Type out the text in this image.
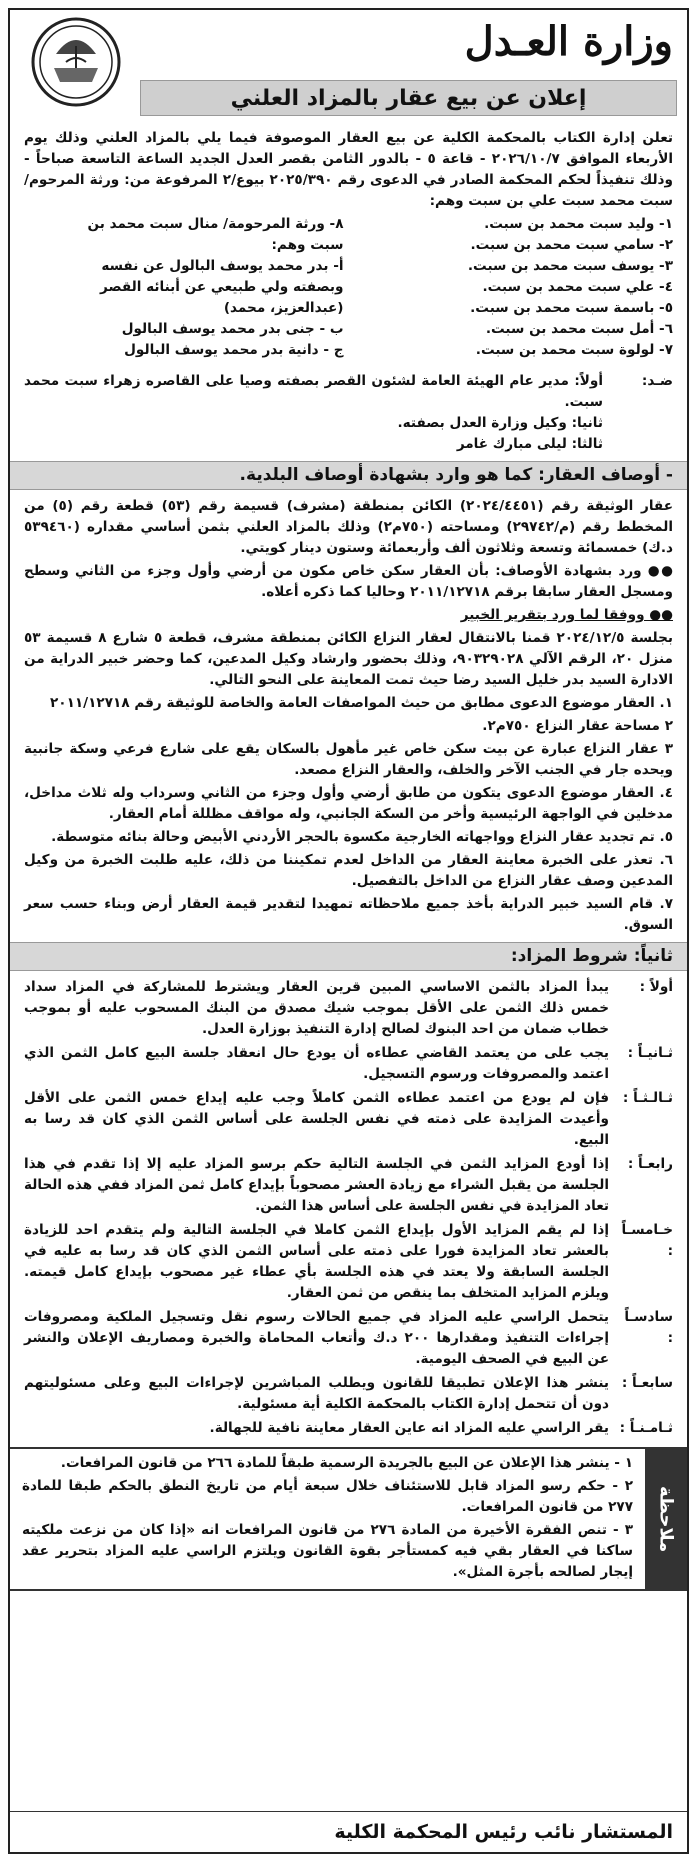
وزارة العـدل
إعلان عن بيع عقار بالمزاد العلني

تعلن إدارة الكتاب بالمحكمة الكلية عن بيع العقار الموصوفة فيما يلي بالمزاد العلني وذلك يوم الأربعاء الموافق ٢٠٢٦/١٠/٧ - قاعة ٥ - بالدور الثامن بقصر العدل الجديد الساعة التاسعة صباحاً - وذلك تنفيذاً لحكم المحكمة الصادر في الدعوى رقم ٢٠٢٥/٣٩٠ بيوع/٢ المرفوعة من: ورثة المرحوم/ سبت محمد سبت علي بن سبت وهم:

١- وليد سبت محمد بن سبت.
٢- سامي سبت محمد بن سبت.
٣- يوسف سبت محمد بن سبت.
٤- علي سبت محمد بن سبت.
٥- باسمة سبت محمد بن سبت.
٦- أمل سبت محمد بن سبت.
٧- لولوة سبت محمد بن سبت.
٨- ورثة المرحومة/ منال سبت محمد بن
سبت وهم:
أ- بدر محمد يوسف البالول عن نفسه
وبصفته ولي طبيعي عن أبنائه القصر
(عبدالعزيز، محمد)
ب - جنى بدر محمد يوسف البالول
ج - دانية بدر محمد يوسف البالول
ضـد:
أولاً: مدير عام الهيئة العامة لشئون القصر بصفته وصيا على القاصره زهراء سبت محمد سبت.
ثانيا: وكيل وزارة العدل بصفته.
ثالثا: ليلى مبارك غامر
- أوصاف العقار: كما هو وارد بشهادة أوصاف البلدية.

عقار الوثيقة رقم (٢٠٢٤/٤٤٥١) الكائن بمنطقة (مشرف) قسيمة رقم (٥٣) قطعة رقم (٥) من المخطط رقم (م/٢٩٧٤٢) ومساحته (٧٥٠م٢) وذلك بالمزاد العلني بثمن أساسي مقداره (٥٣٩٤٦٠ د.ك) خمسمائة وتسعة وثلاثون ألف وأربعمائة وستون دينار كويتي.

●● ورد بشهادة الأوصاف: بأن العقار سكن خاص مكون من أرضي وأول وجزء من الثاني وسطح ومسجل العقار سابقا برقم ٢٠١١/١٢٧١٨ وحاليا كما ذكره أعلاه.

●● ووفقا لما ورد بتقرير الخبير

بجلسة ٢٠٢٤/١٢/٥ قمنا بالانتقال لعقار النزاع الكائن بمنطقة مشرف، قطعة ٥ شارع ٨ قسيمة ٥٣ منزل ٢٠، الرقم الآلي ٩٠٣٢٩٠٢٨، وذلك بحضور وارشاد وكيل المدعين، كما وحضر خبير الدراية من الادارة السيد بدر خليل السيد رضا حيث تمت المعاينة على النحو التالي.

١. العقار موضوع الدعوى مطابق من حيث المواصفات العامة والخاصة للوثيقة رقم ٢٠١١/١٢٧١٨

٢ مساحة عقار النزاع ٧٥٠م٢.

٣ عقار النزاع عبارة عن بيت سكن خاص غير مأهول بالسكان يقع على شارع فرعي وسكة جانبية ويحده جار في الجنب الآخر والخلف، والعقار النزاع مصعد.

٤. العقار موضوع الدعوى يتكون من طابق أرضي وأول وجزء من الثاني وسرداب وله ثلاث مداخل، مدخلين في الواجهة الرئيسية وأخر من السكة الجانبي، وله مواقف مظللة أمام العقار.

٥. تم تجديد عقار النزاع وواجهاته الخارجية مكسوة بالحجر الأردني الأبيض وحالة بنائه متوسطة.

٦. تعذر على الخبرة معاينة العقار من الداخل لعدم تمكيننا من ذلك، عليه طلبت الخبرة من وكيل المدعين وصف عقار النزاع من الداخل بالتفصيل.

٧. قام السيد خبير الدراية بأخذ جميع ملاحظاته تمهيدا لتقدير قيمة العقار أرض وبناء حسب سعر السوق.

ثانياً: شروط المزاد:
أولاً :
يبدأ المزاد بالثمن الاساسي المبين قرين العقار ويشترط للمشاركة في المزاد سداد خمس ذلك الثمن على الأقل بموجب شيك مصدق من البنك المسحوب عليه أو بموجب خطاب ضمان من احد البنوك لصالح إدارة التنفيذ بوزارة العدل.
ثـانيـاً :
يجب على من يعتمد القاضي عطاءه أن يودع حال انعقاد جلسة البيع كامل الثمن الذي اعتمد والمصروفات ورسوم التسجيل.
ثـالـثـاً :
فإن لم يودع من اعتمد عطاءه الثمن كاملاً وجب عليه إيداع خمس الثمن على الأقل وأعيدت المزايدة على ذمته في نفس الجلسة على أساس الثمن الذي كان قد رسا به البيع.
رابعـاً :
إذا أودع المزايد الثمن في الجلسة التالية حكم برسو المزاد عليه إلا إذا تقدم في هذا الجلسة من يقبل الشراء مع زيادة العشر مصحوباً بإيداع كامل ثمن المزاد ففي هذه الحالة تعاد المزايدة في نفس الجلسة على أساس هذا الثمن.
خـامسـاً :
إذا لم يقم المزايد الأول بإيداع الثمن كاملا في الجلسة التالية ولم يتقدم احد للزيادة بالعشر تعاد المزايدة فورا على ذمته على أساس الثمن الذي كان قد رسا به عليه في الجلسة السابقة ولا يعتد في هذه الجلسة بأي عطاء غير مصحوب بإيداع كامل قيمته. ويلزم المزايد المتخلف بما ينقص من ثمن العقار.
سادسـاً :
يتحمل الراسي عليه المزاد في جميع الحالات رسوم نقل وتسجيل الملكية ومصروفات إجراءات التنفيذ ومقدارها ٢٠٠ د.ك وأتعاب المحاماة والخبرة ومصاريف الإعلان والنشر عن البيع في الصحف اليومية.
سابعـاً :
ينشر هذا الإعلان تطبيقا للقانون ويطلب المباشرين لإجراءات البيع وعلى مسئوليتهم دون أن تتحمل إدارة الكتاب بالمحكمة الكلية أية مسئولية.
ثـامـنـاً :
يقر الراسي عليه المزاد انه عاين العقار معاينة نافية للجهالة.
ملاحظة

١ - ينشر هذا الإعلان عن البيع بالجريدة الرسمية طبقاً للمادة ٢٦٦ من قانون المرافعات.

٢ - حكم رسو المزاد قابل للاستئناف خلال سبعة أيام من تاريخ النطق بالحكم طبقا للمادة ٢٧٧ من قانون المرافعات.

٣ - تنص الفقرة الأخيرة من المادة ٢٧٦ من قانون المرافعات انه «إذا كان من نزعت ملكيته ساكنا في العقار بقي فيه كمستأجر بقوة القانون ويلتزم الراسي عليه المزاد بتحرير عقد إيجار لصالحه بأجرة المثل».

المستشار نائب رئيس المحكمة الكلية
